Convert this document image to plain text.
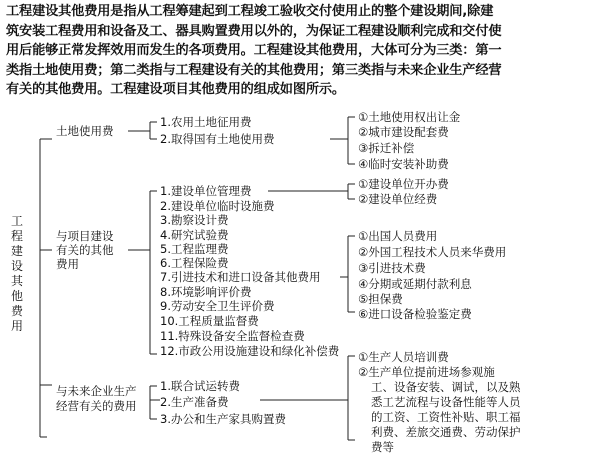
工程建设其他费用是指从工程筹建起到工程竣工验收交付使用止的整个建设期间,除建
筑安装工程费用和设备及工、器具购置费用以外的，为保证工程建设顺利完成和交付使
用后能够正常发挥效用而发生的各项费用。工程建设其他费用，大体可分为三类：第一
类指土地使用费；第二类指与工程建设有关的其他费用；第三类指与未来企业生产经营
有关的其他费用。工程建设项目其他费用的组成如图所示。
工程建设其他费用
土地使用费
1.农用土地征用费
2.取得国有土地使用费
①土地使用权出让金
②城市建设配套费
③拆迁补偿
④临时安装补助费
与项目建设
有关的其他
费用
1.建设单位管理费
2.建设单位临时设施费
3.勘察设计费
4.研究试验费
5.工程监理费
6.工程保险费
7.引进技术和进口设备其他费用
8.环境影响评价费
9.劳动安全卫生评价费
10.工程质量监督费
11.特殊设备安全监督检查费
12.市政公用设施建设和绿化补偿费
①建设单位开办费
②建设单位经费
①出国人员费用
②外国工程技术人员来华费用
③引进技术费
④分期或延期付款利息
⑤担保费
⑥进口设备检验鉴定费
与未来企业生产
经营有关的费用
1.联合试运转费
2.生产准备费
3.办公和生产家具购置费
①生产人员培训费
②生产单位提前进场参观施
工、设备安装、调试，以及熟
悉工艺流程与设备性能等人员
的工资、工资性补贴、职工福
利费、差旅交通费、劳动保护
费等
